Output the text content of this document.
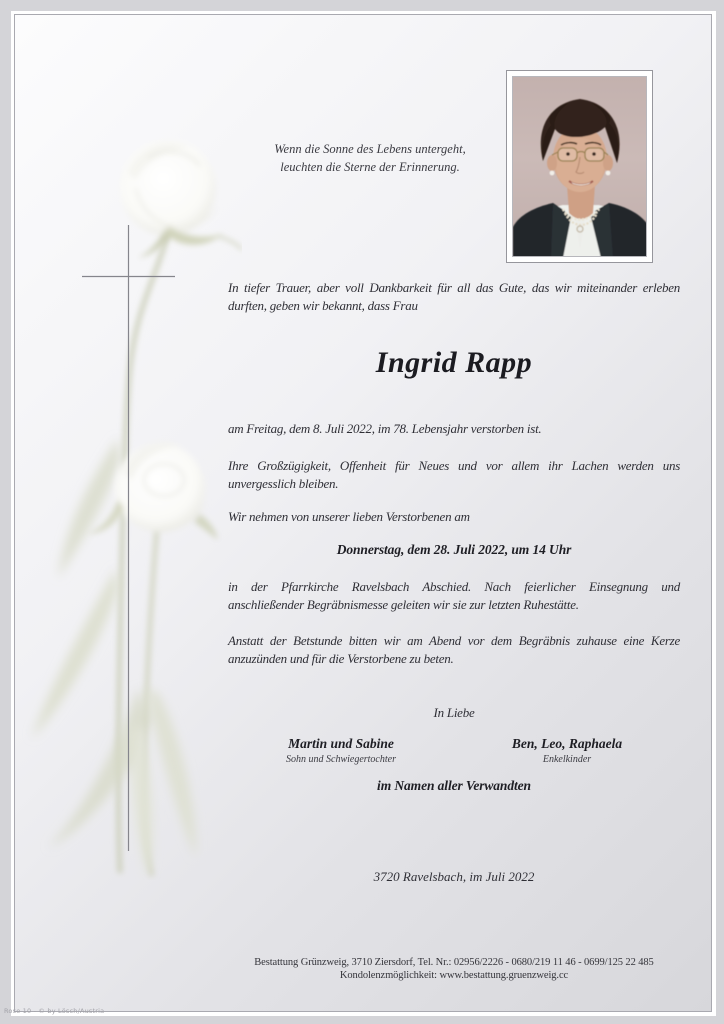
Wenn die Sonne des Lebens untergeht,
leuchten die Sterne der Erinnerung.
In tiefer Trauer, aber voll Dankbarkeit für all das Gute, das wir miteinander erleben
durften, geben wir bekannt, dass Frau
Ingrid Rapp
am Freitag, dem 8. Juli 2022, im 78. Lebensjahr verstorben ist.
Ihre Großzügigkeit, Offenheit für Neues und vor allem ihr Lachen werden uns
unvergesslich bleiben.
Wir nehmen von unserer lieben Verstorbenen am
Donnerstag, dem 28. Juli 2022, um 14 Uhr
in der Pfarrkirche Ravelsbach Abschied. Nach feierlicher Einsegnung und
anschließender Begräbnismesse geleiten wir sie zur letzten Ruhestätte.
Anstatt der Betstunde bitten wir am Abend vor dem Begräbnis zuhause eine Kerze
anzuzünden und für die Verstorbene zu beten.
In Liebe
Martin und Sabine
Sohn und Schwiegertochter
Ben, Leo, Raphaela
Enkelkinder
im Namen aller Verwandten
3720 Ravelsbach, im Juli 2022
Bestattung Grünzweig, 3710 Ziersdorf, Tel. Nr.: 02956/2226 - 0680/219 11 46 - 0699/125 22 485
Kondolenzmöglichkeit: www.bestattung.gruenzweig.cc
Rose 10 - © by Lösch/Austria
